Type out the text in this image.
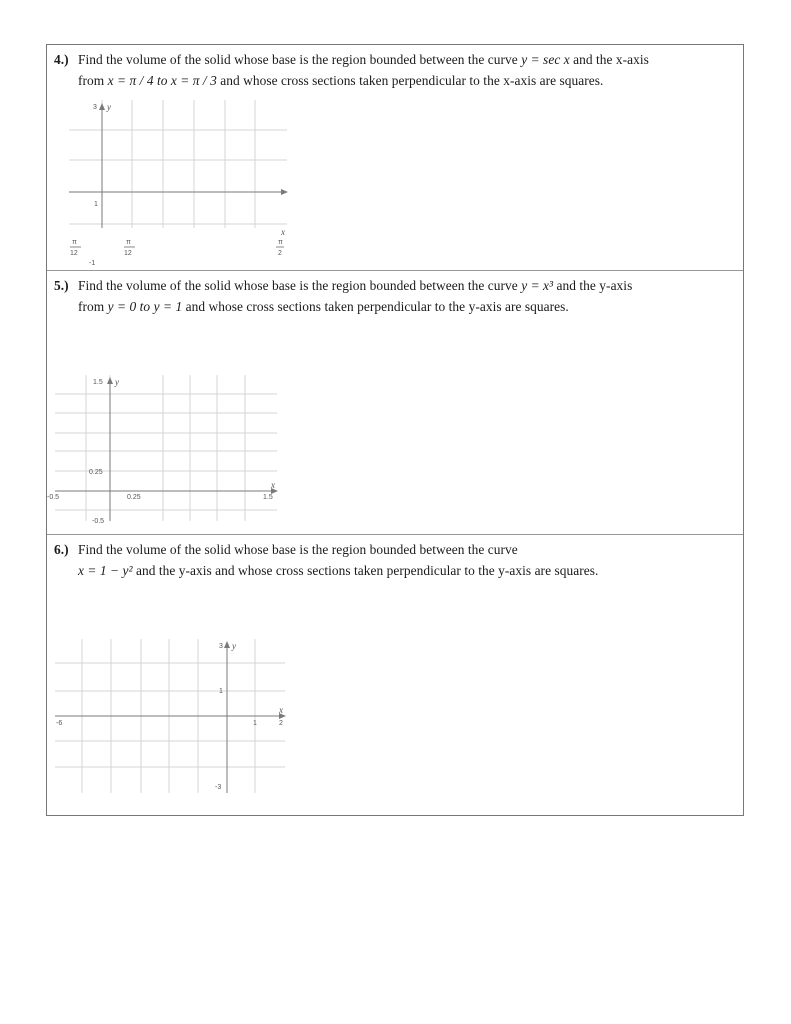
4.) Find the volume of the solid whose base is the region bounded between the curve y = sec x and the x-axis
from x = π / 4 to x = π / 3 and whose cross sections taken perpendicular to the x-axis are squares.
3 y
1
-1
x
π
12
π
12
π
2
5.) Find the volume of the solid whose base is the region bounded between the curve y = x³ and the y-axis
from y = 0 to y = 1 and whose cross sections taken perpendicular to the y-axis are squares.
1.5 y
0.25
-0.5
x
-0.5	0.25	1.5
6.) Find the volume of the solid whose base is the region bounded between the curve
x = 1 − y² and the y-axis and whose cross sections taken perpendicular to the y-axis are squares.
3 y
1
-3
x
-6	1	2
